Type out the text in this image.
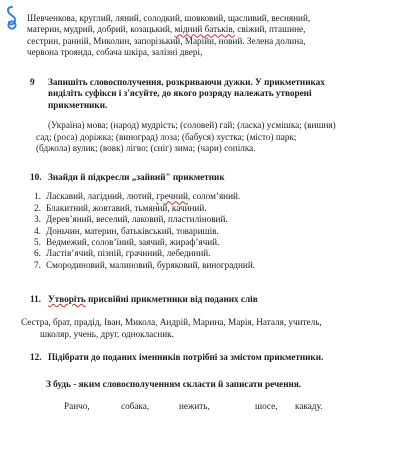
Шевченкова, круглий, ляний, солодкий, шовковий, щасливий, весняний,
материн, мудрий, добрий, козацький, мідний батьків, свіжий, пташине,
сестрин, ранній, Миколин, запорізький, Марійн, новий. Зелена долина,
червона троянда, собача шкіра, залізні двері,
9 Запишіть словосполучення, розкриваючи дужки. У прикметниках
виділіть суфікси і з'ясуйте, до якого розряду належать утворені
прикметники.
(Україна) мова; (народ) мудрість; (соловей) гай; (ласка) усмішка; (вишня)
сад; (роса) доріжка; (виноград) лоза; (бабуся) хустка; (місто) парк;
(бджола) вулик; (вовк) лігво; (сніг) зима; (чари) сопілка.
10. Знайди й підкресли „зайвий" прикметник
1. Ласкавий, лагідний, лютий, гречний, солом’яний.
2. Блакитний, жовтавий, тьмяний, качиний.
3. Дерев’яний, веселий, лаковий, пластиліновий.
4. Доньчин, материн, батьківський, товаришів.
5. Ведмежий, солов’їний, заячий, жираф’ячий.
6. Ластів’ячий, пізній, грачиний, лебединий.
7. Смородиновий, малиновий, буряковий, виноградний.
11. Утворіть присвійні прикметники від поданих слів
Сестра, брат, прадід, Іван, Микола, Андрій, Марина, Марія, Наталя, учитель,
школяр, учень, друг, однокласник.
12. Підібрати до поданих іменників потрібні за змістом прикметники.
З будь - яким словосполученням скласти й записати речення.
Ранчо,	собака,	нежить,	шосе, какаду.
